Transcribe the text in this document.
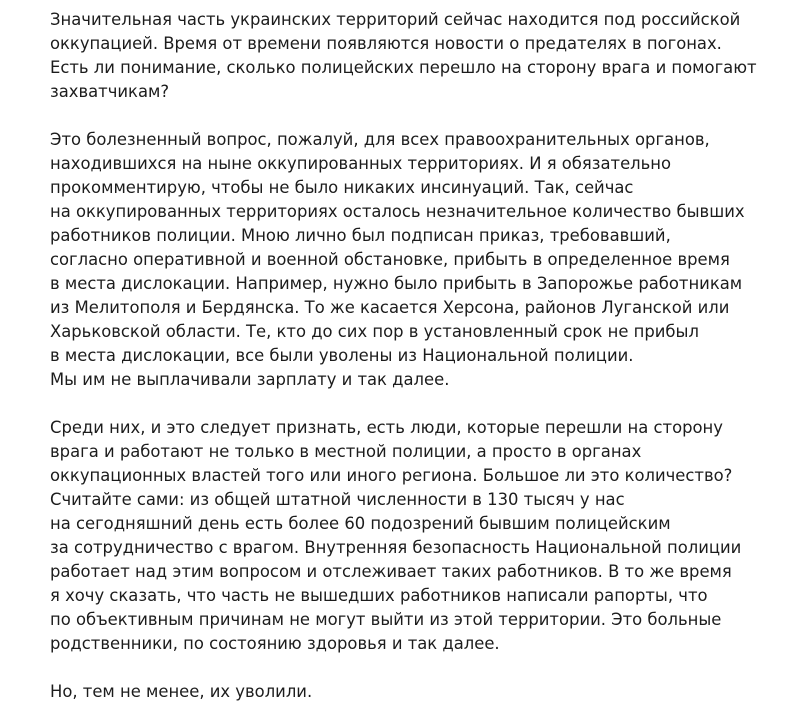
Значительная часть украинских территорий сейчас находится под российской
оккупацией. Время от времени появляются новости о предателях в погонах.
Есть ли понимание, сколько полицейских перешло на сторону врага и помогают
захватчикам?

Это болезненный вопрос, пожалуй, для всех правоохранительных органов,
находившихся на ныне оккупированных территориях. И я обязательно
прокомментирую, чтобы не было никаких инсинуаций. Так, сейчас
на оккупированных территориях осталось незначительное количество бывших
работников полиции. Мною лично был подписан приказ, требовавший,
согласно оперативной и военной обстановке, прибыть в определенное время
в места дислокации. Например, нужно было прибыть в Запорожье работникам
из Мелитополя и Бердянска. То же касается Херсона, районов Луганской или
Харьковской области. Те, кто до сих пор в установленный срок не прибыл
в места дислокации, все были уволены из Национальной полиции.
Мы им не выплачивали зарплату и так далее.

Среди них, и это следует признать, есть люди, которые перешли на сторону
врага и работают не только в местной полиции, а просто в органах
оккупационных властей того или иного региона. Большое ли это количество?
Считайте сами: из общей штатной численности в 130 тысяч у нас
на сегодняшний день есть более 60 подозрений бывшим полицейским
за сотрудничество с врагом. Внутренняя безопасность Национальной полиции
работает над этим вопросом и отслеживает таких работников. В то же время
я хочу сказать, что часть не вышедших работников написали рапорты, что
по объективным причинам не могут выйти из этой территории. Это больные
родственники, по состоянию здоровья и так далее.

Но, тем не менее, их уволили.
